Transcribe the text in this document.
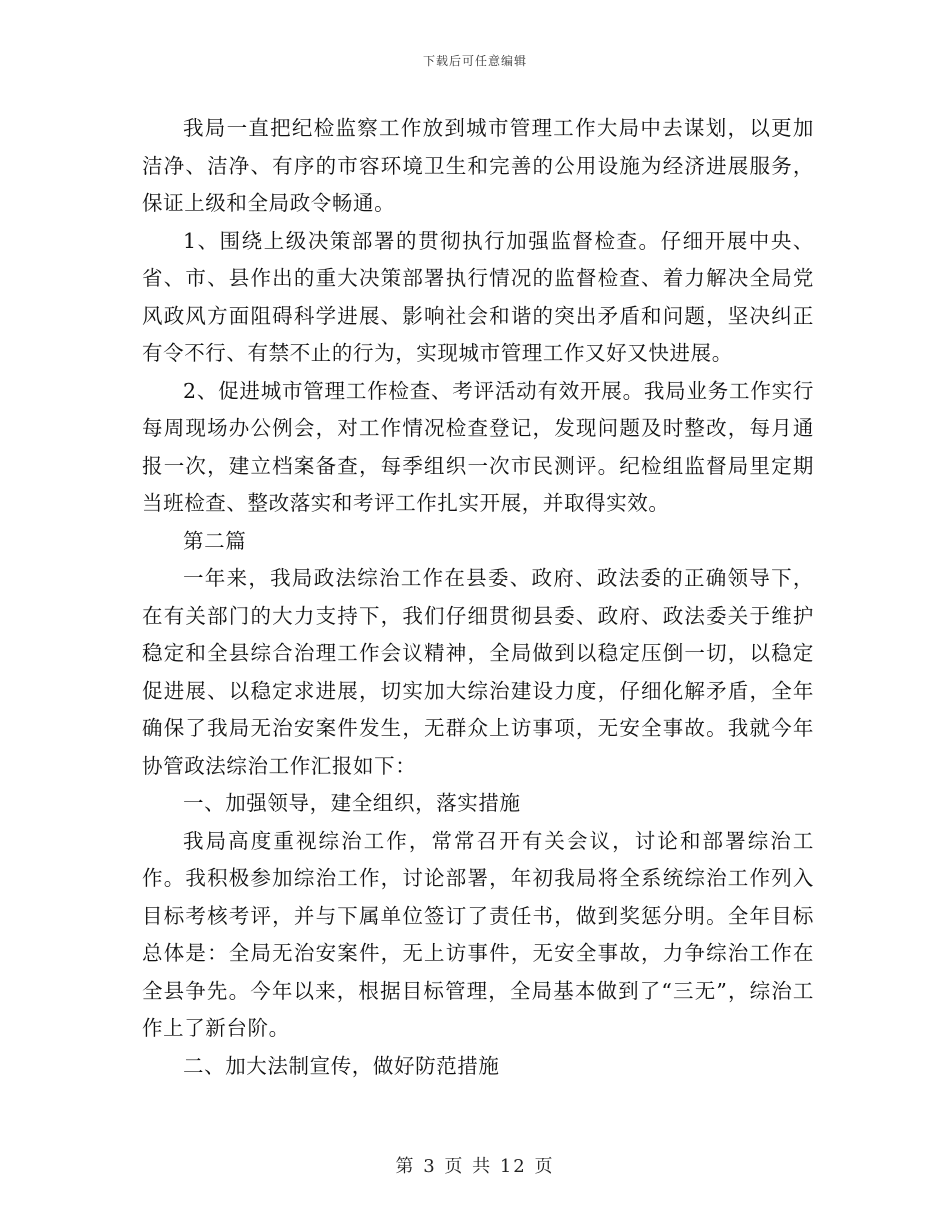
下载后可任意编辑

我局一直把纪检监察工作放到城市管理工作大局中去谋划，以更加洁净、洁净、有序的市容环境卫生和完善的公用设施为经济进展服务，保证上级和全局政令畅通。

1、围绕上级决策部署的贯彻执行加强监督检查。仔细开展中央、省、市、县作出的重大决策部署执行情况的监督检查、着力解决全局党风政风方面阻碍科学进展、影响社会和谐的突出矛盾和问题，坚决纠正有令不行、有禁不止的行为，实现城市管理工作又好又快进展。

2、促进城市管理工作检查、考评活动有效开展。我局业务工作实行每周现场办公例会，对工作情况检查登记，发现问题及时整改，每月通报一次，建立档案备查，每季组织一次市民测评。纪检组监督局里定期当班检查、整改落实和考评工作扎实开展，并取得实效。

第二篇

一年来，我局政法综治工作在县委、政府、政法委的正确领导下，在有关部门的大力支持下，我们仔细贯彻县委、政府、政法委关于维护稳定和全县综合治理工作会议精神，全局做到以稳定压倒一切，以稳定促进展、以稳定求进展，切实加大综治建设力度，仔细化解矛盾，全年确保了我局无治安案件发生，无群众上访事项，无安全事故。我就今年协管政法综治工作汇报如下：

一、加强领导，建全组织，落实措施

我局高度重视综治工作，常常召开有关会议，讨论和部署综治工作。我积极参加综治工作，讨论部署，年初我局将全系统综治工作列入目标考核考评，并与下属单位签订了责任书，做到奖惩分明。全年目标总体是：全局无治安案件，无上访事件，无安全事故，力争综治工作在全县争先。今年以来，根据目标管理，全局基本做到了“三无”，综治工作上了新台阶。

二、加大法制宣传，做好防范措施

第 3 页 共 12 页
